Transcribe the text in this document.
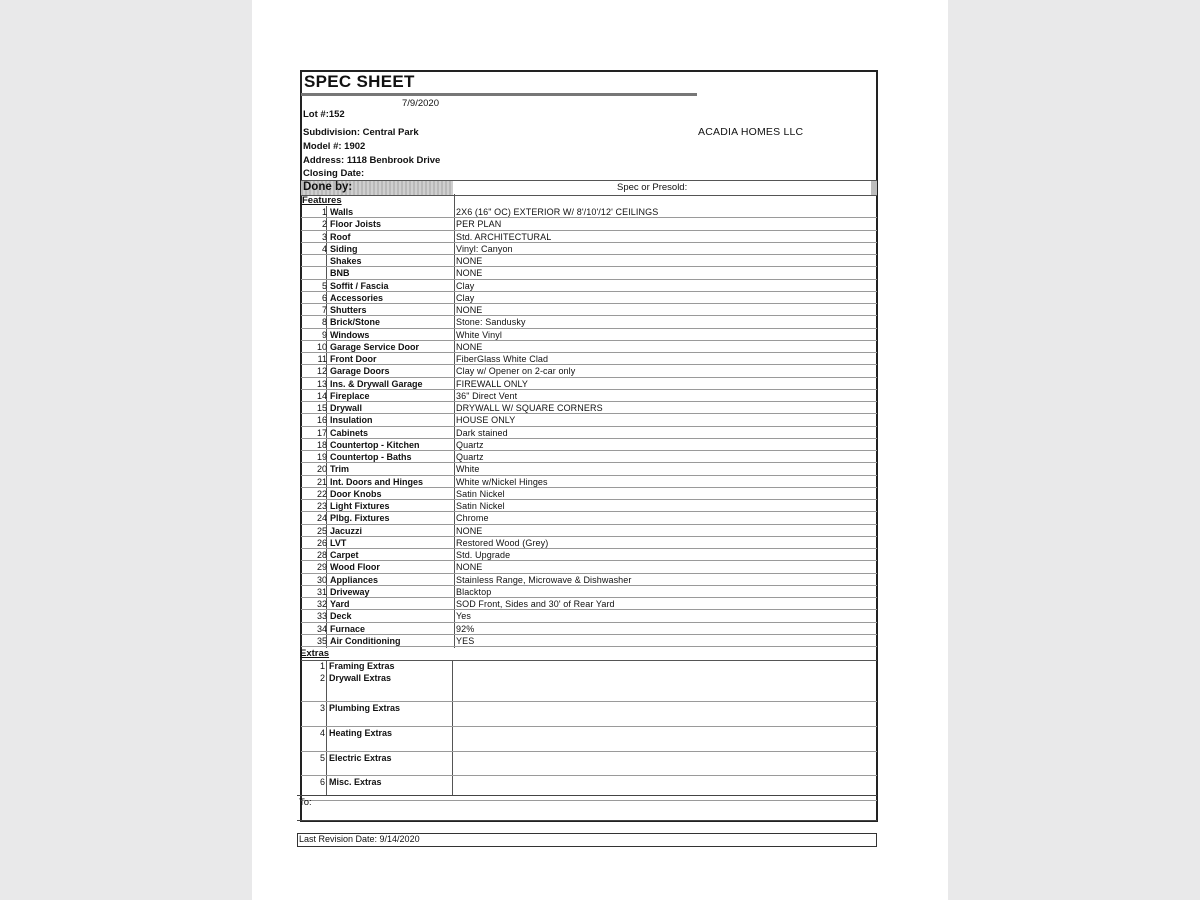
SPEC SHEET
7/9/2020
Lot #:152
Subdivision: Central Park
Model #: 1902
Address: 1118 Benbrook Drive
Closing Date:
ACADIA HOMES LLC
Done by:	Spec or Presold:
Features
1 Walls	2X6 (16" OC) EXTERIOR W/ 8'/10'/12' CEILINGS
2 Floor Joists	PER PLAN
3 Roof	Std. ARCHITECTURAL
4 Siding	Vinyl: Canyon
Shakes	NONE
BNB	NONE
5 Soffit / Fascia	Clay
6 Accessories	Clay
7 Shutters	NONE
8 Brick/Stone	Stone: Sandusky
9 Windows	White Vinyl
10 Garage Service Door	NONE
11 Front Door	FiberGlass White Clad
12 Garage Doors	Clay w/ Opener on 2-car only
13 Ins. & Drywall Garage	FIREWALL ONLY
14 Fireplace	36" Direct Vent
15 Drywall	DRYWALL W/ SQUARE CORNERS
16 Insulation	HOUSE ONLY
17 Cabinets	Dark stained
18 Countertop - Kitchen	Quartz
19 Countertop - Baths	Quartz
20 Trim	White
21 Int. Doors and Hinges	White w/Nickel Hinges
22 Door Knobs	Satin Nickel
23 Light Fixtures	Satin Nickel
24 Plbg. Fixtures	Chrome
25 Jacuzzi	NONE
26 LVT	Restored Wood (Grey)
28 Carpet	Std. Upgrade
29 Wood Floor	NONE
30 Appliances	Stainless Range, Microwave & Dishwasher
31 Driveway	Blacktop
32 Yard	SOD Front, Sides and 30' of Rear Yard
33 Deck	Yes
34 Furnace	92%
35 Air Conditioning	YES
Extras
1 Framing Extras
2 Drywall Extras
3 Plumbing Extras
4 Heating Extras
5 Electric Extras
6 Misc. Extras
To:
Last Revision Date: 9/14/2020
